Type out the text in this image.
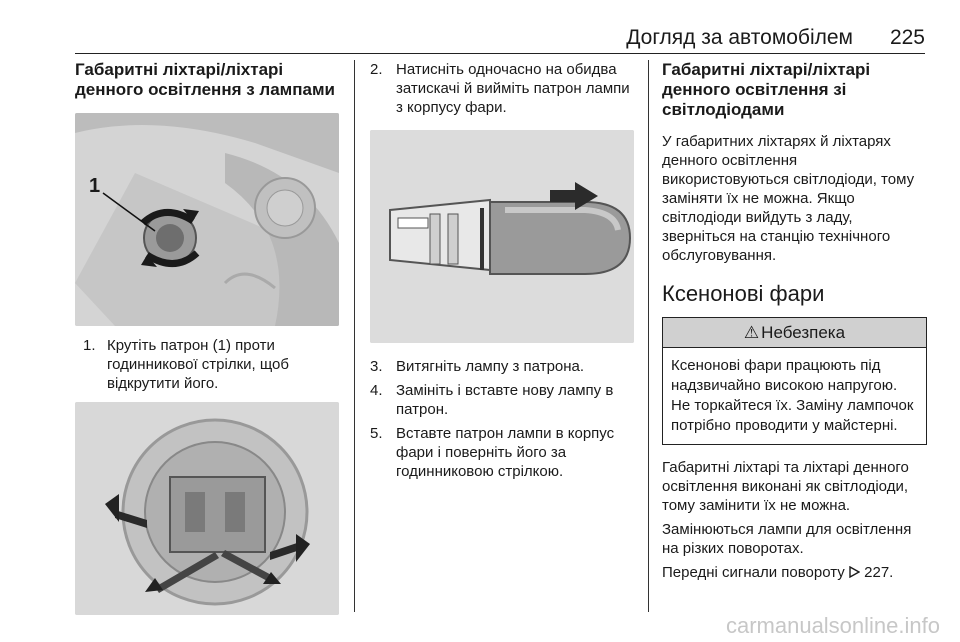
Догляд за автомобілем 225
Габаритні ліхтарі/ліхтарі денного освітлення з лампами
1
1. Крутіть патрон (1) проти годинникової стрілки, щоб відкрутити його.
2. Натисніть одночасно на обидва затискачі й вийміть патрон лампи з корпусу фари.
3. Витягніть лампу з патрона.
4. Замініть і вставте нову лампу в патрон.
5. Вставте патрон лампи в корпус фари і поверніть його за годинниковою стрілкою.
Габаритні ліхтарі/ліхтарі денного освітлення зі світлодіодами

У габаритних ліхтарях й ліхтарях денного освітлення використовуються світлодіоди, тому заміняти їх не можна. Якщо світлодіоди вийдуть з ладу, зверніться на станцію технічного обслуговування.

Ксенонові фари
⚠ Небезпека
Ксенонові фари працюють під надзвичайно високою напругою. Не торкайтеся їх. Заміну лампочок потрібно проводити у майстерні.

Габаритні ліхтарі та ліхтарі денного освітлення виконані як світлодіоди, тому замінити їх не можна.

Замінюються лампи для освітлення на різких поворотах.

Передні сигнали повороту  227.

carmanualsonline.info
